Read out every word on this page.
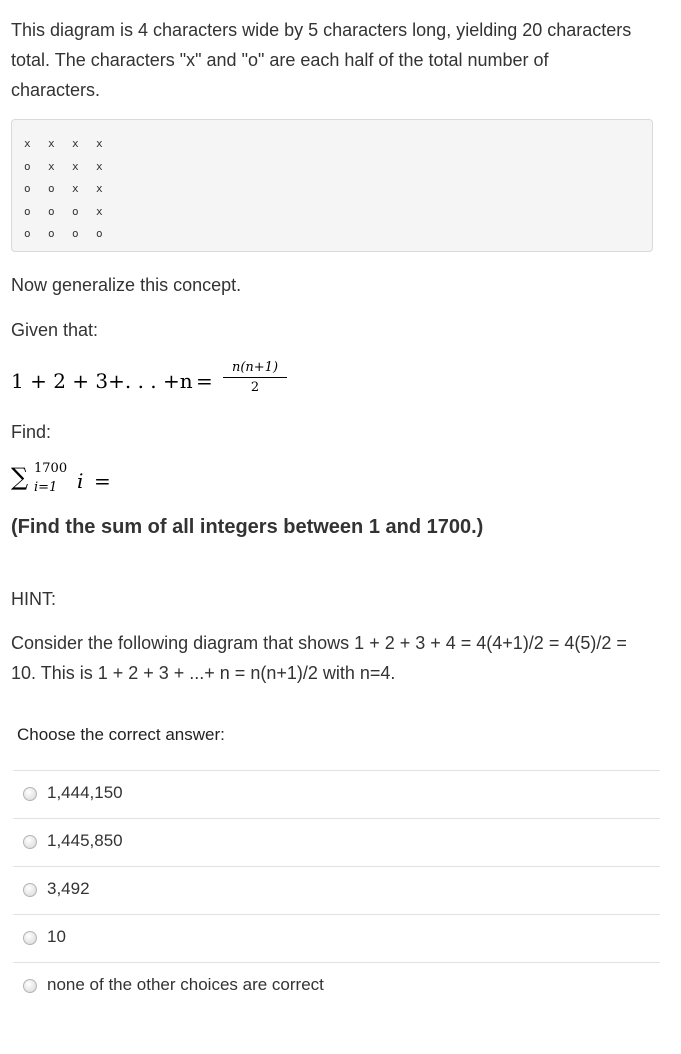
This diagram is 4 characters wide by 5 characters long, yielding 20 characters total. The characters "x" and "o" are each half of the total number of characters.

x x x x
o x x x
o o x x
o o o x
o o o o

Now generalize this concept.

Given that:

1 + 2 + 3+. . . +n =
n(n+1)
2

Find:

∑ 1700
i=1 i =

(Find the sum of all integers between 1 and 1700.)

HINT:

Consider the following diagram that shows 1 + 2 + 3 + 4 = 4(4+1)/2 = 4(5)/2 = 10. This is 1 + 2 + 3 + ...+ n = n(n+1)/2 with n=4.

Choose the correct answer:
1,444,150
1,445,850
3,492
10
none of the other choices are correct
